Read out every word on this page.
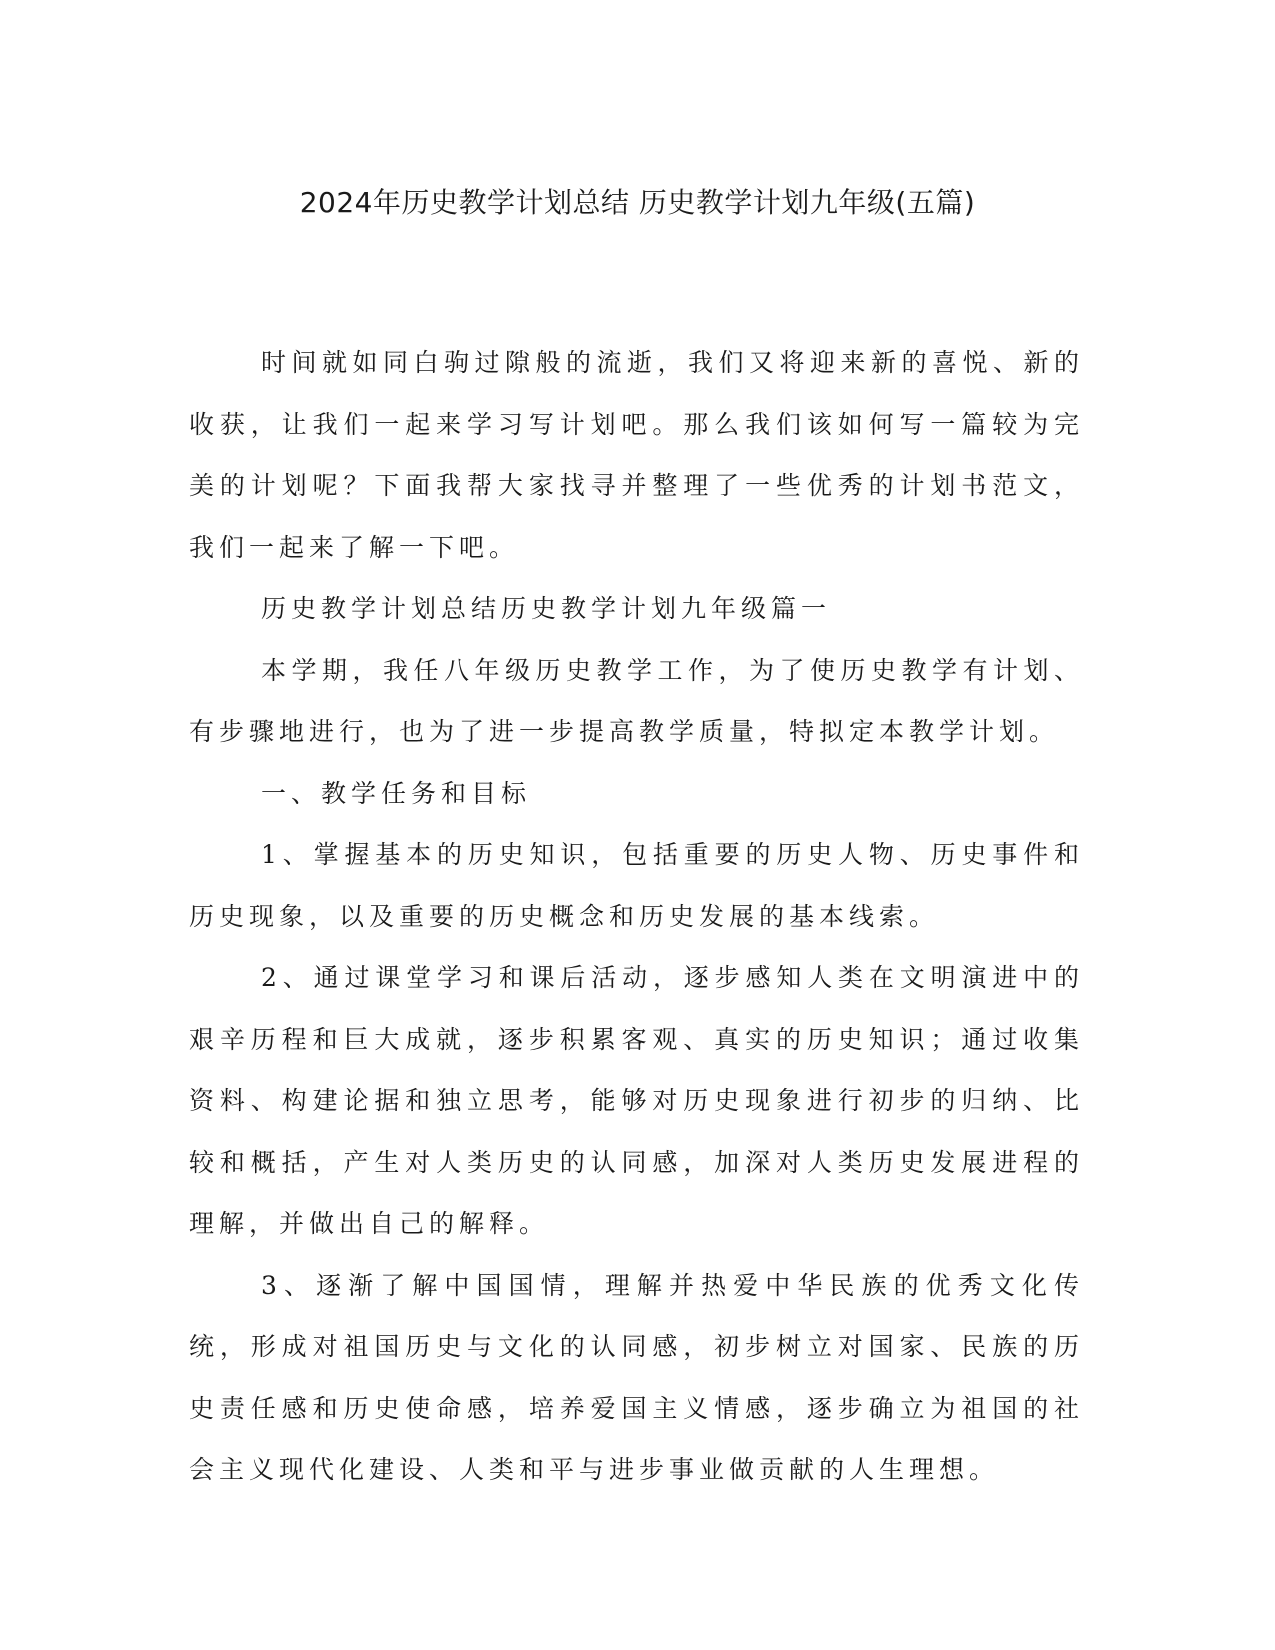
2024年历史教学计划总结 历史教学计划九年级(五篇)

时间就如同白驹过隙般的流逝，我们又将迎来新的喜悦、新的收获，让我们一起来学习写计划吧。那么我们该如何写一篇较为完美的计划呢？下面我帮大家找寻并整理了一些优秀的计划书范文，我们一起来了解一下吧。

历史教学计划总结历史教学计划九年级篇一

本学期，我任八年级历史教学工作，为了使历史教学有计划、有步骤地进行，也为了进一步提高教学质量，特拟定本教学计划。

一、教学任务和目标

1、掌握基本的历史知识，包括重要的历史人物、历史事件和历史现象，以及重要的历史概念和历史发展的基本线索。

2、通过课堂学习和课后活动，逐步感知人类在文明演进中的艰辛历程和巨大成就，逐步积累客观、真实的历史知识；通过收集资料、构建论据和独立思考，能够对历史现象进行初步的归纳、比较和概括，产生对人类历史的认同感，加深对人类历史发展进程的理解，并做出自己的解释。

3、逐渐了解中国国情，理解并热爱中华民族的优秀文化传统，形成对祖国历史与文化的认同感，初步树立对国家、民族的历史责任感和历史使命感，培养爱国主义情感，逐步确立为祖国的社会主义现代化建设、人类和平与进步事业做贡献的人生理想。
